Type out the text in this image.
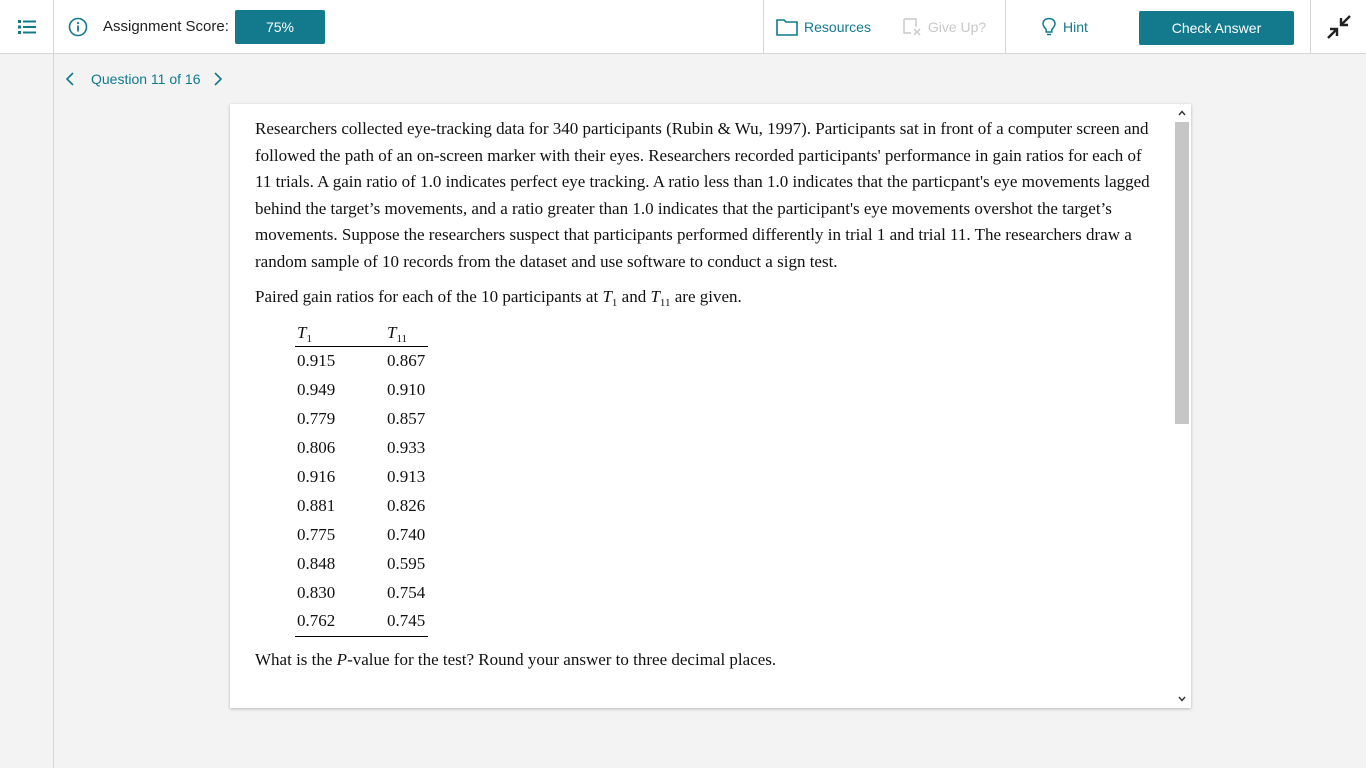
Assignment Score:	75%	Resources	Give Up?	Hint	Check Answer
Question 11 of 16

Researchers collected eye-tracking data for 340 participants (Rubin & Wu, 1997). Participants sat in front of a computer screen and followed the path of an on-screen marker with their eyes. Researchers recorded participants' performance in gain ratios for each of 11 trials. A gain ratio of 1.0 indicates perfect eye tracking. A ratio less than 1.0 indicates that the particpant's eye movements lagged behind the target’s movements, and a ratio greater than 1.0 indicates that the participant's eye movements overshot the target’s movements. Suppose the researchers suspect that participants performed differently in trial 1 and trial 11. The researchers draw a random sample of 10 records from the dataset and use software to conduct a sign test.

Paired gain ratios for each of the 10 participants at $T_1$ and $T_{11}$ are given.

$T_1$	$T_{11}$
0.915	0.867
0.949	0.910
0.779	0.857
0.806	0.933
0.916	0.913
0.881	0.826
0.775	0.740
0.848	0.595
0.830	0.754
0.762	0.745

What is the P-value for the test? Round your answer to three decimal places.
